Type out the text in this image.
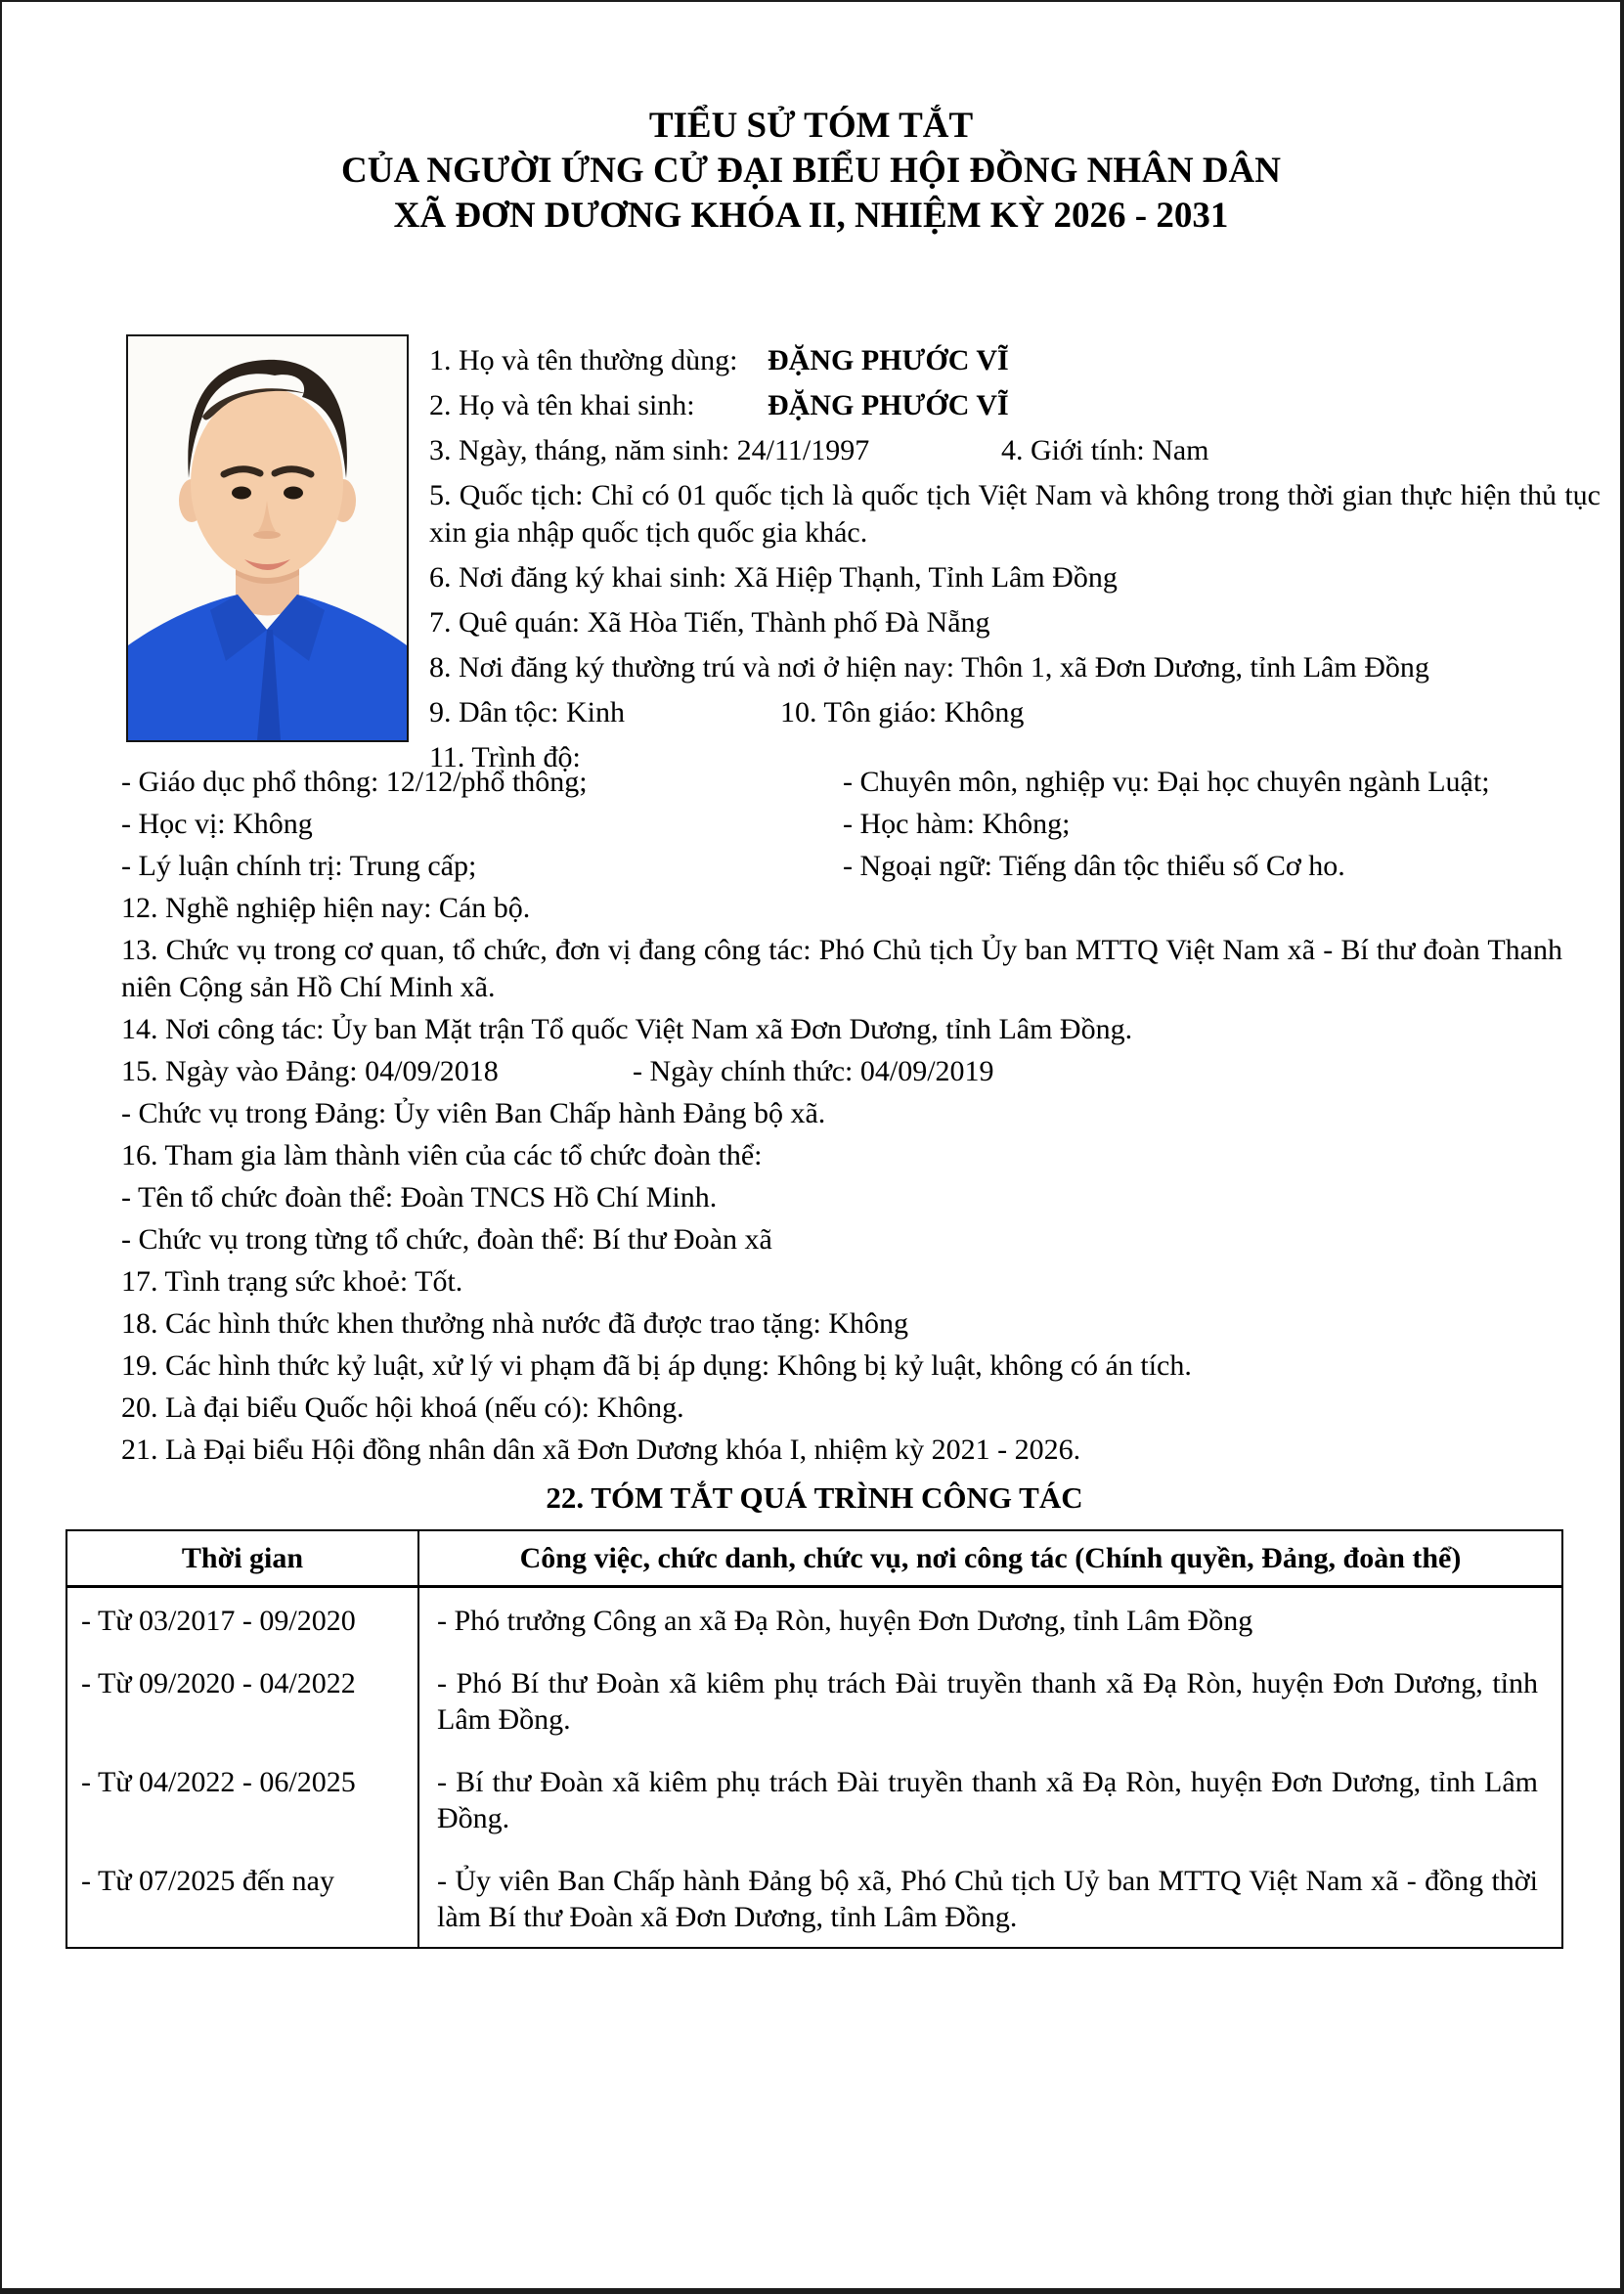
TIỂU SỬ TÓM TẮT
CỦA NGƯỜI ỨNG CỬ ĐẠI BIỂU HỘI ĐỒNG NHÂN DÂN
XÃ ĐƠN DƯƠNG KHÓA II, NHIỆM KỲ 2026 - 2031

1. Họ và tên thường dùng: ĐẶNG PHƯỚC VĨ

2. Họ và tên khai sinh: ĐẶNG PHƯỚC VĨ

3. Ngày, tháng, năm sinh: 24/11/1997	4. Giới tính: Nam

5. Quốc tịch: Chỉ có 01 quốc tịch là quốc tịch Việt Nam và không trong thời gian thực hiện thủ tục xin gia nhập quốc tịch quốc gia khác.

6. Nơi đăng ký khai sinh: Xã Hiệp Thạnh, Tỉnh Lâm Đồng

7. Quê quán: Xã Hòa Tiến, Thành phố Đà Nẵng

8. Nơi đăng ký thường trú và nơi ở hiện nay: Thôn 1, xã Đơn Dương, tỉnh Lâm Đồng

9. Dân tộc: Kinh	10. Tôn giáo: Không

11. Trình độ:

- Giáo dục phổ thông: 12/12/phổ thông;	- Chuyên môn, nghiệp vụ: Đại học chuyên ngành Luật;

- Học vị: Không	- Học hàm: Không;

- Lý luận chính trị: Trung cấp;	- Ngoại ngữ: Tiếng dân tộc thiểu số Cơ ho.

12. Nghề nghiệp hiện nay: Cán bộ.

13. Chức vụ trong cơ quan, tổ chức, đơn vị đang công tác: Phó Chủ tịch Ủy ban MTTQ Việt Nam xã - Bí thư đoàn Thanh niên Cộng sản Hồ Chí Minh xã.

14. Nơi công tác: Ủy ban Mặt trận Tổ quốc Việt Nam xã Đơn Dương, tỉnh Lâm Đồng.

15. Ngày vào Đảng: 04/09/2018	- Ngày chính thức: 04/09/2019

- Chức vụ trong Đảng: Ủy viên Ban Chấp hành Đảng bộ xã.

16. Tham gia làm thành viên của các tổ chức đoàn thể:

- Tên tổ chức đoàn thể: Đoàn TNCS Hồ Chí Minh.

- Chức vụ trong từng tổ chức, đoàn thể: Bí thư Đoàn xã

17. Tình trạng sức khoẻ: Tốt.

18. Các hình thức khen thưởng nhà nước đã được trao tặng: Không

19. Các hình thức kỷ luật, xử lý vi phạm đã bị áp dụng: Không bị kỷ luật, không có án tích.

20. Là đại biểu Quốc hội khoá (nếu có): Không.

21. Là Đại biểu Hội đồng nhân dân xã Đơn Dương khóa I, nhiệm kỳ 2021 - 2026.

22. TÓM TẮT QUÁ TRÌNH CÔNG TÁC
Thời gian	Công việc, chức danh, chức vụ, nơi công tác (Chính quyền, Đảng, đoàn thể)
- Từ 03/2017 - 09/2020	- Phó trưởng Công an xã Đạ Ròn, huyện Đơn Dương, tỉnh Lâm Đồng
- Từ 09/2020 - 04/2022	- Phó Bí thư Đoàn xã kiêm phụ trách Đài truyền thanh xã Đạ Ròn, huyện Đơn Dương, tỉnh Lâm Đồng.
- Từ 04/2022 - 06/2025	- Bí thư Đoàn xã kiêm phụ trách Đài truyền thanh xã Đạ Ròn, huyện Đơn Dương, tỉnh Lâm Đồng.
- Từ 07/2025 đến nay	- Ủy viên Ban Chấp hành Đảng bộ xã, Phó Chủ tịch Uỷ ban MTTQ Việt Nam xã - đồng thời làm Bí thư Đoàn xã Đơn Dương, tỉnh Lâm Đồng.
